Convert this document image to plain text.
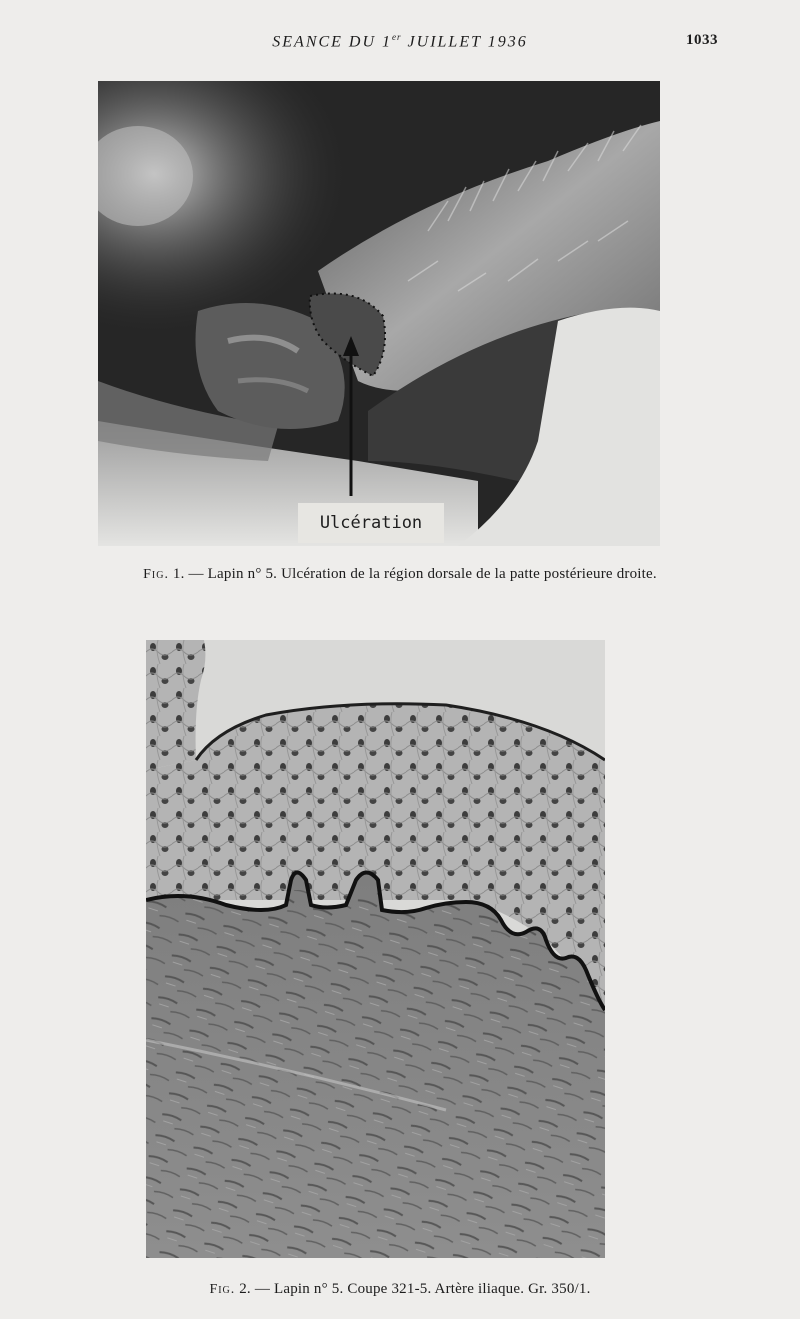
SEANCE DU 1er JUILLET 1936	1033
Ulcération
Fig. 1. — Lapin n° 5. Ulcération de la région dorsale de la patte postérieure droite.
Fig. 2. — Lapin n° 5. Coupe 321-5. Artère iliaque. Gr. 350/1.
